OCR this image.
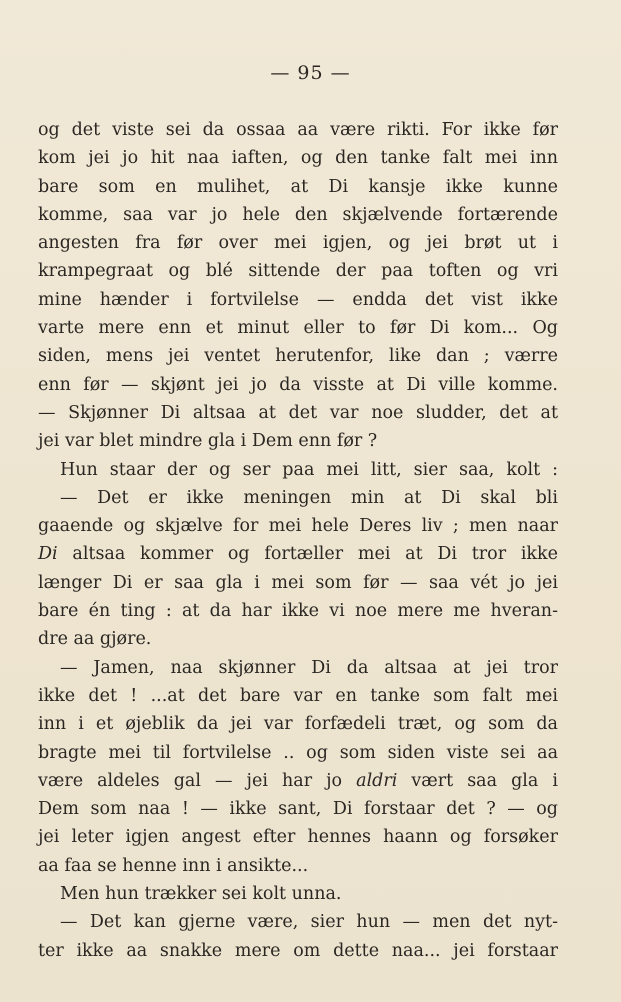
— 95 —
og det viste sei da ossaa aa være rikti. For ikke før
kom jei jo hit naa iaften, og den tanke falt mei inn
bare som en mulihet, at Di kansje ikke kunne
komme, saa var jo hele den skjælvende fortærende
angesten fra før over mei igjen, og jei brøt ut i
krampegraat og blé sittende der paa toften og vri
mine hænder i fortvilelse — endda det vist ikke
varte mere enn et minut eller to før Di kom... Og
siden, mens jei ventet herutenfor, like dan ; værre
enn før — skjønt jei jo da visste at Di ville komme.
— Skjønner Di altsaa at det var noe sludder, det at
jei var blet mindre gla i Dem enn før ?
Hun staar der og ser paa mei litt, sier saa, kolt :
— Det er ikke meningen min at Di skal bli
gaaende og skjælve for mei hele Deres liv ; men naar
Di altsaa kommer og fortæller mei at Di tror ikke
længer Di er saa gla i mei som før — saa vét jo jei
bare én ting : at da har ikke vi noe mere me hveran-
dre aa gjøre.
— Jamen, naa skjønner Di da altsaa at jei tror
ikke det ! ...at det bare var en tanke som falt mei
inn i et øjeblik da jei var forfædeli træt, og som da
bragte mei til fortvilelse .. og som siden viste sei aa
være aldeles gal — jei har jo aldri vært saa gla i
Dem som naa ! — ikke sant, Di forstaar det ? — og
jei leter igjen angest efter hennes haann og forsøker
aa faa se henne inn i ansikte...
Men hun trækker sei kolt unna.
— Det kan gjerne være, sier hun — men det nyt-
ter ikke aa snakke mere om dette naa... jei forstaar
